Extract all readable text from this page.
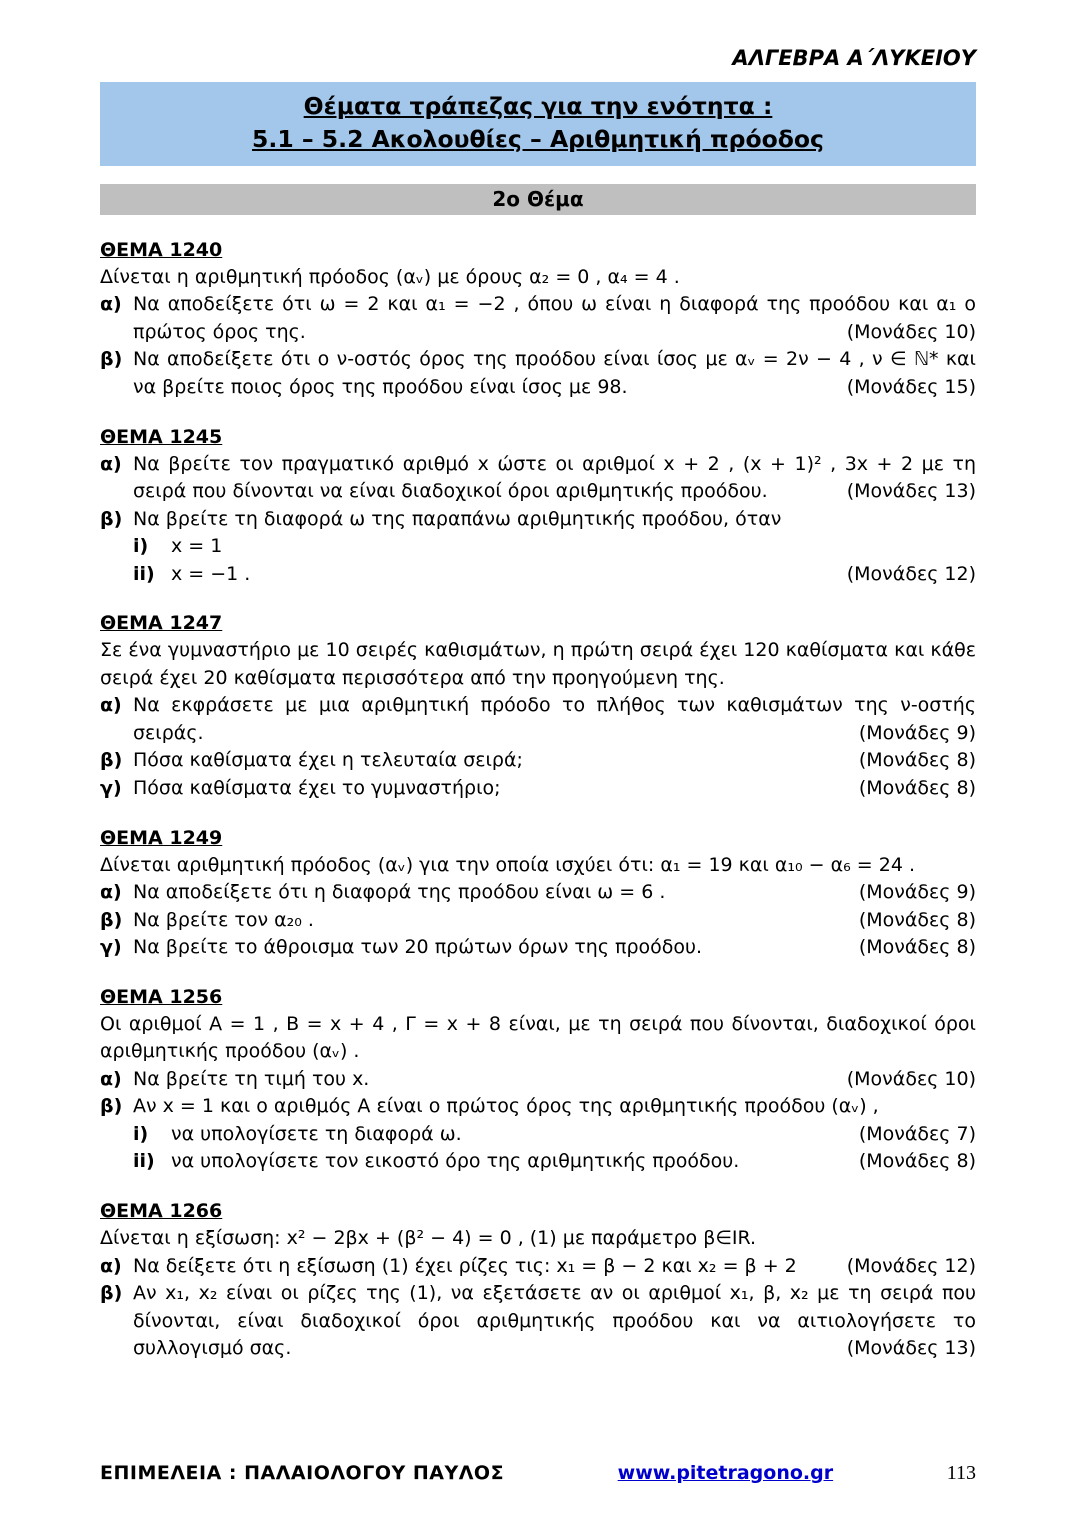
ΑΛΓΕΒΡΑ Α΄ΛΥΚΕΙΟΥ
Θέματα τράπεζας για την ενότητα :
5.1 – 5.2 Ακολουθίες – Αριθμητική πρόοδος
2ο Θέμα
ΘΕΜΑ 1240

Δίνεται η αριθμητική πρόοδος (αᵥ) με όρους α₂ = 0 , α₄ = 4 .

α) Να αποδείξετε ότι ω = 2 και α₁ = −2 , όπου ω είναι η διαφορά της προόδου και α₁ ο πρώτος όρος της.	(Μονάδες 10)
β) Να αποδείξετε ότι ο ν-οστός όρος της προόδου είναι ίσος με αᵥ = 2ν − 4 , ν ∈ ℕ* και να βρείτε ποιος όρος της προόδου είναι ίσος με 98.	(Μονάδες 15)
ΘΕΜΑ 1245
α) Να βρείτε τον πραγματικό αριθμό x ώστε οι αριθμοί x + 2 , (x + 1)² , 3x + 2 με τη σειρά που δίνονται να είναι διαδοχικοί όροι αριθμητικής προόδου.	(Μονάδες 13)
β) Να βρείτε τη διαφορά ω της παραπάνω αριθμητικής προόδου, όταν
i)	x = 1
ii) x = −1 .	(Μονάδες 12)
ΘΕΜΑ 1247

Σε ένα γυμναστήριο με 10 σειρές καθισμάτων, η πρώτη σειρά έχει 120 καθίσματα και κάθε σειρά έχει 20 καθίσματα περισσότερα από την προηγούμενη της.

α) Να εκφράσετε με μια αριθμητική πρόοδο το πλήθος των καθισμάτων της ν-οστής σειράς.	(Μονάδες 9)
β) Πόσα καθίσματα έχει η τελευταία σειρά;	(Μονάδες 8)
γ) Πόσα καθίσματα έχει το γυμναστήριο;	(Μονάδες 8)
ΘΕΜΑ 1249

Δίνεται αριθμητική πρόοδος (αᵥ) για την οποία ισχύει ότι: α₁ = 19 και α₁₀ − α₆ = 24 .

α) Να αποδείξετε ότι η διαφορά της προόδου είναι ω = 6 .	(Μονάδες 9)
β) Να βρείτε τον α₂₀ .	(Μονάδες 8)
γ) Να βρείτε το άθροισμα των 20 πρώτων όρων της προόδου.	(Μονάδες 8)
ΘΕΜΑ 1256

Οι αριθμοί Α = 1 , Β = x + 4 , Γ = x + 8 είναι, με τη σειρά που δίνονται, διαδοχικοί όροι αριθμητικής προόδου (αᵥ) .

α) Να βρείτε τη τιμή του x.	(Μονάδες 10)
β) Αν x = 1 και ο αριθμός Α είναι ο πρώτος όρος της αριθμητικής προόδου (αᵥ) ,
i)	να υπολογίσετε τη διαφορά ω.	(Μονάδες 7)
ii) να υπολογίσετε τον εικοστό όρο της αριθμητικής προόδου.	(Μονάδες 8)
ΘΕΜΑ 1266

Δίνεται η εξίσωση: x² − 2βx + (β² − 4) = 0 , (1) με παράμετρο β∈IR.

α) Να δείξετε ότι η εξίσωση (1) έχει ρίζες τις: x₁ = β − 2 και x₂ = β + 2	(Μονάδες 12)
β) Αν x₁, x₂ είναι οι ρίζες της (1), να εξετάσετε αν οι αριθμοί x₁, β, x₂ με τη σειρά που δίνονται, είναι διαδοχικοί όροι αριθμητικής προόδου και να αιτιολογήσετε το συλλογισμό σας.	(Μονάδες 13)
ΕΠΙΜΕΛΕΙΑ : ΠΑΛΑΙΟΛΟΓΟΥ ΠΑΥΛΟΣ	www.pitetragono.gr	113
